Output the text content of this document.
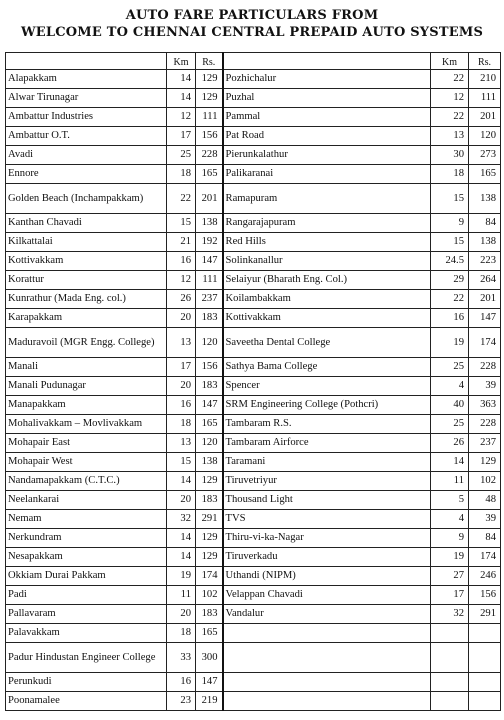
AUTO FARE PARTICULARS FROM
WELCOME TO CHENNAI CENTRAL PREPAID AUTO SYSTEMS
	Km	Rs.		Km	Rs.
Alapakkam	14	129	Pozhichalur	22	210
Alwar Tirunagar	14	129	Puzhal	12	111
Ambattur Industries	12	111	Pammal	22	201
Ambattur O.T.	17	156	Pat Road	13	120
Avadi	25	228	Pierunkalathur	30	273
Ennore	18	165	Palikaranai	18	165
Golden Beach (Inchampakkam)	22	201	Ramapuram	15	138
Kanthan Chavadi	15	138	Rangarajapuram	9	84
Kilkattalai	21	192	Red Hills	15	138
Kottivakkam	16	147	Solinkanallur	24.5	223
Korattur	12	111	Selaiyur (Bharath Eng. Col.)	29	264
Kunrathur (Mada Eng. col.)	26	237	Koilambakkam	22	201
Karapakkam	20	183	Kottivakkam	16	147
Maduravoil (MGR Engg. College)	13	120	Saveetha Dental College	19	174
Manali	17	156	Sathya Bama College	25	228
Manali Pudunagar	20	183	Spencer	4	39
Manapakkam	16	147	SRM Engineering College (Pothcri)	40	363
Mohalivakkam – Movlivakkam	18	165	Tambaram R.S.	25	228
Mohapair East	13	120	Tambaram Airforce	26	237
Mohapair West	15	138	Taramani	14	129
Nandamapakkam (C.T.C.)	14	129	Tiruvetriyur	11	102
Neelankarai	20	183	Thousand Light	5	48
Nemam	32	291	TVS	4	39
Nerkundram	14	129	Thiru-vi-ka-Nagar	9	84
Nesapakkam	14	129	Tiruverkadu	19	174
Okkiam Durai Pakkam	19	174	Uthandi (NIPM)	27	246
Padi	11	102	Velappan Chavadi	17	156
Pallavaram	20	183	Vandalur	32	291
Palavakkam	18	165			
Padur Hindustan Engineer College	33	300			
Perunkudi	16	147			
Poonamalee	23	219			
